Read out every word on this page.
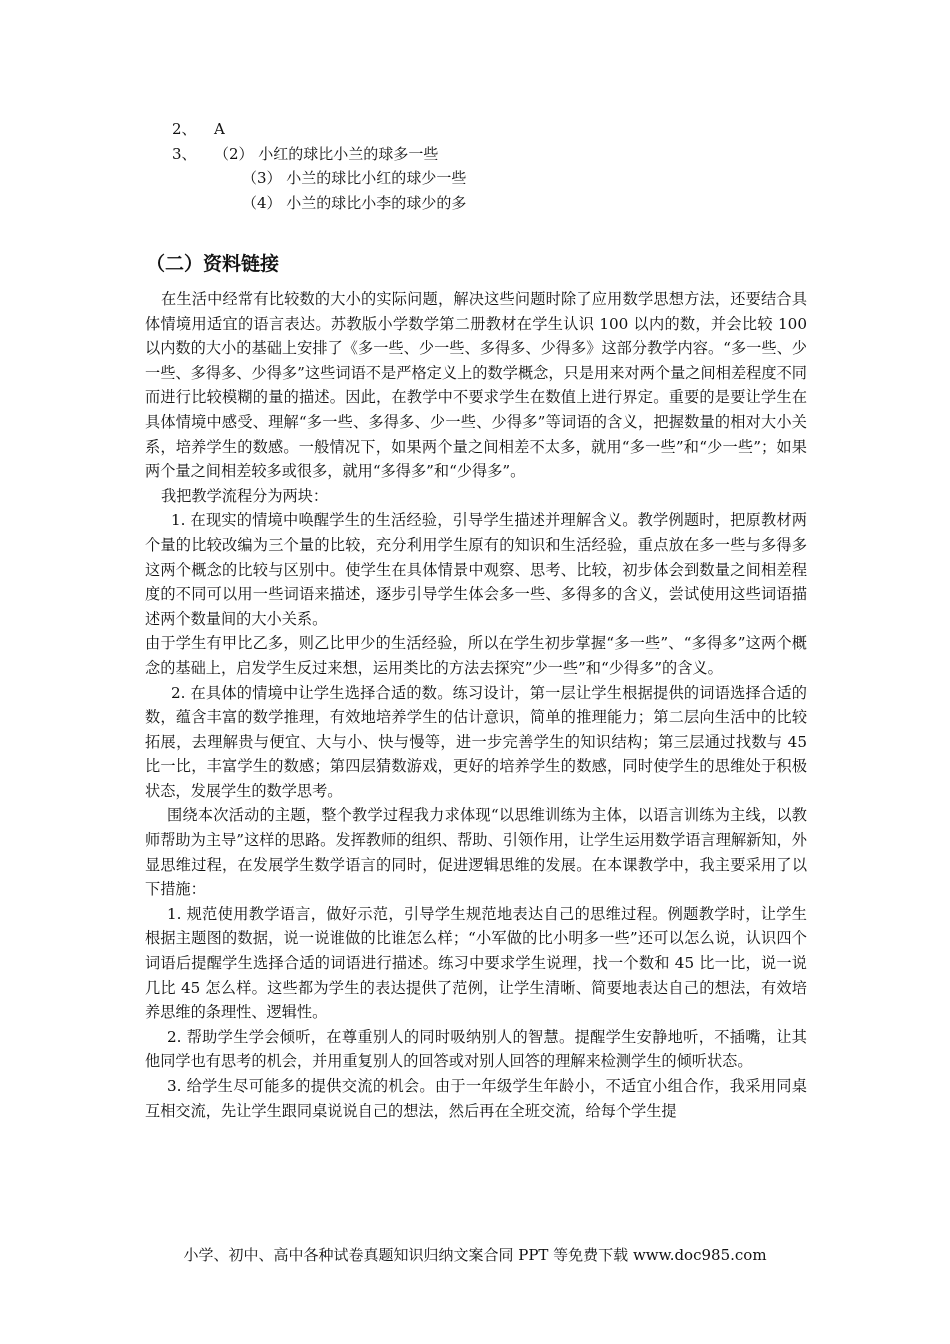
2、 A
3、 （2） 小红的球比小兰的球多一些
（3） 小兰的球比小红的球少一些
（4） 小兰的球比小李的球少的多
（二）资料链接

在生活中经常有比较数的大小的实际问题，解决这些问题时除了应用数学思想方法，还要结合具体情境用适宜的语言表达。苏教版小学数学第二册教材在学生认识 100 以内的数，并会比较 100 以内数的大小的基础上安排了《多一些、少一些、多得多、少得多》这部分教学内容。“多一些、少一些、多得多、少得多”这些词语不是严格定义上的数学概念，只是用来对两个量之间相差程度不同而进行比较模糊的量的描述。因此，在教学中不要求学生在数值上进行界定。重要的是要让学生在具体情境中感受、理解“多一些、多得多、少一些、少得多”等词语的含义，把握数量的相对大小关系，培养学生的数感。一般情况下，如果两个量之间相差不太多，就用“多一些”和“少一些”；如果两个量之间相差较多或很多，就用“多得多”和“少得多”。

我把教学流程分为两块：

1. 在现实的情境中唤醒学生的生活经验，引导学生描述并理解含义。教学例题时，把原教材两个量的比较改编为三个量的比较，充分利用学生原有的知识和生活经验，重点放在多一些与多得多这两个概念的比较与区别中。使学生在具体情景中观察、思考、比较，初步体会到数量之间相差程度的不同可以用一些词语来描述，逐步引导学生体会多一些、多得多的含义，尝试使用这些词语描述两个数量间的大小关系。

由于学生有甲比乙多，则乙比甲少的生活经验，所以在学生初步掌握“多一些”、“多得多”这两个概念的基础上，启发学生反过来想，运用类比的方法去探究”少一些”和“少得多”的含义。

2. 在具体的情境中让学生选择合适的数。练习设计，第一层让学生根据提供的词语选择合适的数，蕴含丰富的数学推理，有效地培养学生的估计意识，简单的推理能力；第二层向生活中的比较拓展，去理解贵与便宜、大与小、快与慢等，进一步完善学生的知识结构；第三层通过找数与 45 比一比，丰富学生的数感；第四层猜数游戏，更好的培养学生的数感，同时使学生的思维处于积极状态，发展学生的数学思考。

围绕本次活动的主题，整个教学过程我力求体现“以思维训练为主体，以语言训练为主线，以教师帮助为主导”这样的思路。发挥教师的组织、帮助、引领作用，让学生运用数学语言理解新知，外显思维过程，在发展学生数学语言的同时，促进逻辑思维的发展。在本课教学中，我主要采用了以下措施：

1. 规范使用教学语言，做好示范，引导学生规范地表达自己的思维过程。例题教学时，让学生根据主题图的数据，说一说谁做的比谁怎么样；“小军做的比小明多一些”还可以怎么说，认识四个词语后提醒学生选择合适的词语进行描述。练习中要求学生说理，找一个数和 45 比一比，说一说几比 45 怎么样。这些都为学生的表达提供了范例，让学生清晰、简要地表达自己的想法，有效培养思维的条理性、逻辑性。

2. 帮助学生学会倾听，在尊重别人的同时吸纳别人的智慧。提醒学生安静地听，不插嘴，让其他同学也有思考的机会，并用重复别人的回答或对别人回答的理解来检测学生的倾听状态。

3. 给学生尽可能多的提供交流的机会。由于一年级学生年龄小，不适宜小组合作，我采用同桌互相交流，先让学生跟同桌说说自己的想法，然后再在全班交流，给每个学生提

小学、初中、高中各种试卷真题知识归纳文案合同 PPT 等免费下载 www.doc985.com
